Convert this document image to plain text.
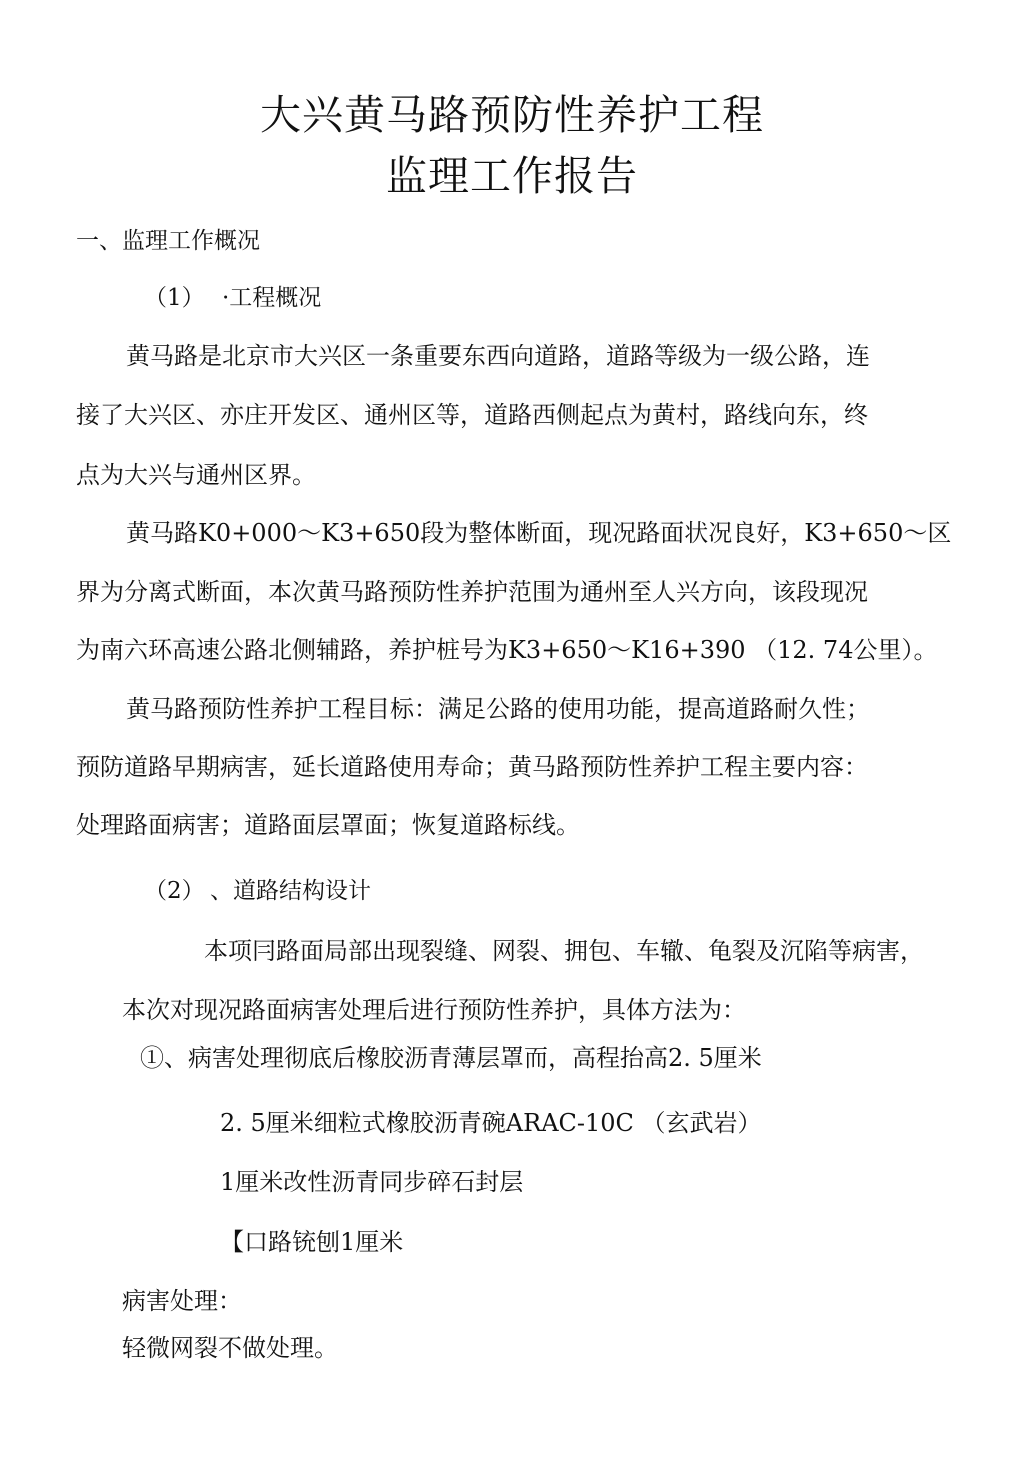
大兴黄马路预防性养护工程
监理工作报告
一、监理工作概况
（1） ·工程概况
黄马路是北京市大兴区一条重要东西向道路，道路等级为一级公路，连
接了大兴区、亦庄开发区、通州区等，道路西侧起点为黄村，路线向东，终
点为大兴与通州区界。
黄马路K0+000～K3+650段为整体断面，现况路面状况良好，K3+650～区
界为分离式断面，本次黄马路预防性养护范围为通州至人兴方向，该段现况
为南六环高速公路北侧辅路，养护桩号为K3+650～K16+390 （12. 74公里）。
黄马路预防性养护工程目标：满足公路的使用功能，提高道路耐久性；
预防道路早期病害，延长道路使用寿命；黄马路预防性养护工程主要内容：
处理路面病害；道路面层罩面；恢复道路标线。
（2） 、道路结构设计
本项冃路面局部出现裂缝、网裂、拥包、车辙、龟裂及沉陷等病害，
本次对现况路面病害处理后进行预防性养护，具体方法为：
①、病害处理彻底后橡胶沥青薄层罩而，高程抬高2. 5厘米
2. 5厘米细粒式橡胶沥青碗ARAC-10C （玄武岩）
1厘米改性沥青同步碎石封层
【口路铳刨1厘米
病害处理：
轻微网裂不做处理。
